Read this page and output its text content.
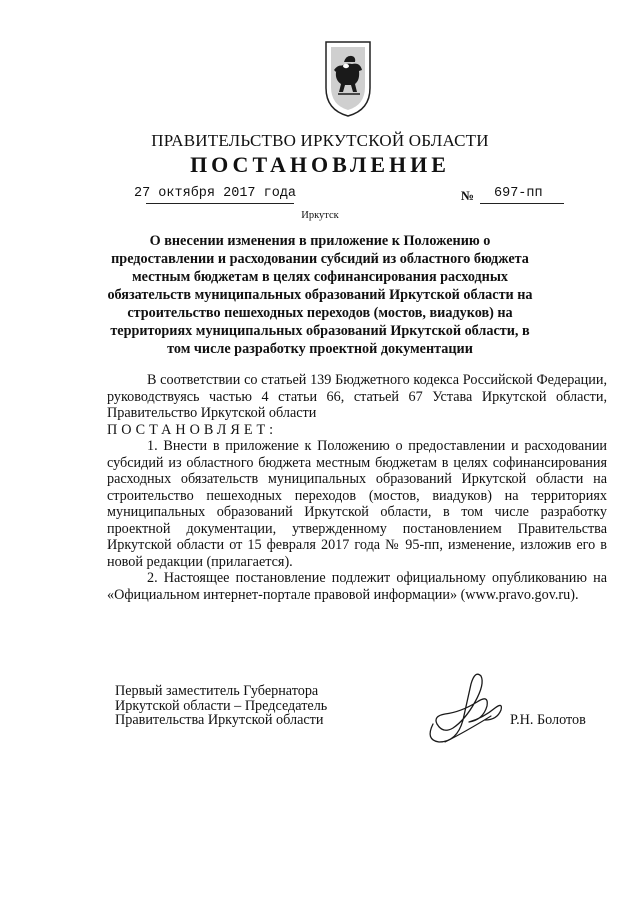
ПРАВИТЕЛЬСТВО ИРКУТСКОЙ ОБЛАСТИ
ПОСТАНОВЛЕНИЕ
27 октября 2017 года	№ 697-пп
Иркутск
О внесении изменения в приложение к Положению о предоставлении и расходовании субсидий из областного бюджета местным бюджетам в целях софинансирования расходных обязательств муниципальных образований Иркутской области на строительство пешеходных переходов (мостов, виадуков) на территориях муниципальных образований Иркутской области, в том числе разработку проектной документации

В соответствии со статьей 139 Бюджетного кодекса Российской Федерации, руководствуясь частью 4 статьи 66, статьей 67 Устава Иркутской области, Правительство Иркутской области

ПОСТАНОВЛЯЕТ:

1. Внести в приложение к Положению о предоставлении и расходовании субсидий из областного бюджета местным бюджетам в целях софинансирования расходных обязательств муниципальных образований Иркутской области на строительство пешеходных переходов (мостов, виадуков) на территориях муниципальных образований Иркутской области, в том числе разработку проектной документации, утвержденному постановлением Правительства Иркутской области от 15 февраля 2017 года № 95-пп, изменение, изложив его в новой редакции (прилагается).

2. Настоящее постановление подлежит официальному опубликованию на «Официальном интернет-портале правовой информации» (www.pravo.gov.ru).

Первый заместитель Губернатора
Иркутской области – Председатель
Правительства Иркутской области	Р.Н. Болотов
